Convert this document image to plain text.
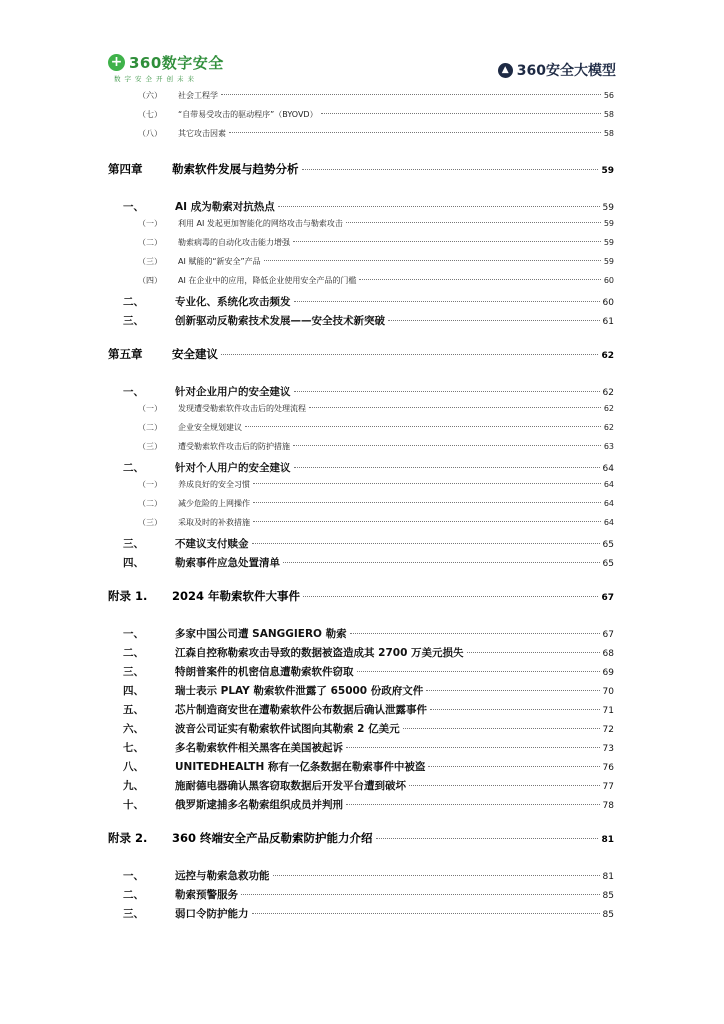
+ 360数字安全
数字安全开创未来
▲ 360安全大模型
（六）	社会工程学	56
（七）	“自带易受攻击的驱动程序”（BYOVD）	58
（八）	其它攻击因素	58
第四章	勒索软件发展与趋势分析	59
一、	AI 成为勒索对抗热点	59
（一）	利用 AI 发起更加智能化的网络攻击与勒索攻击	59
（二）	勒索病毒的自动化攻击能力增强	59
（三）	AI 赋能的“新安全”产品	59
（四）	AI 在企业中的应用，降低企业使用安全产品的门槛	60
二、	专业化、系统化攻击频发	60
三、	创新驱动反勒索技术发展——安全技术新突破	61
第五章	安全建议	62
一、	针对企业用户的安全建议	62
（一）	发现遭受勒索软件攻击后的处理流程	62
（二）	企业安全规划建议	62
（三）	遭受勒索软件攻击后的防护措施	63
二、	针对个人用户的安全建议	64
（一）	养成良好的安全习惯	64
（二）	减少危险的上网操作	64
（三）	采取及时的补救措施	64
三、	不建议支付赎金	65
四、	勒索事件应急处置清单	65
附录 1.	2024 年勒索软件大事件	67
一、	多家中国公司遭 SANGGIERO 勒索	67
二、	江森自控称勒索攻击导致的数据被盗造成其 2700 万美元损失	68
三、	特朗普案件的机密信息遭勒索软件窃取	69
四、	瑞士表示 PLAY 勒索软件泄露了 65000 份政府文件	70
五、	芯片制造商安世在遭勒索软件公布数据后确认泄露事件	71
六、	波音公司证实有勒索软件试图向其勒索 2 亿美元	72
七、	多名勒索软件相关黑客在美国被起诉	73
八、	UNITEDHEALTH 称有一亿条数据在勒索事件中被盗	76
九、	施耐德电器确认黑客窃取数据后开发平台遭到破坏	77
十、	俄罗斯逮捕多名勒索组织成员并判刑	78
附录 2.	360 终端安全产品反勒索防护能力介绍	81
一、	远控与勒索急救功能	81
二、	勒索预警服务	85
三、	弱口令防护能力	85
